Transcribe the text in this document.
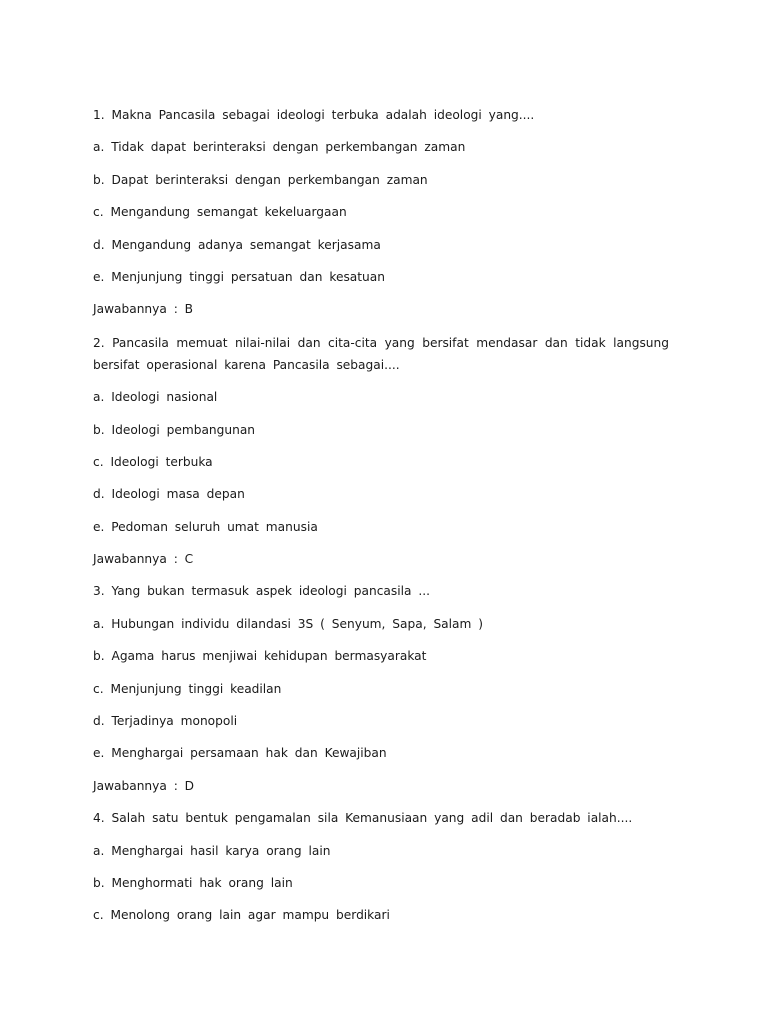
1. Makna Pancasila sebagai ideologi terbuka adalah ideologi yang....
a. Tidak dapat berinteraksi dengan perkembangan zaman
b. Dapat berinteraksi dengan perkembangan zaman
c. Mengandung semangat kekeluargaan
d. Mengandung adanya semangat kerjasama
e. Menjunjung tinggi persatuan dan kesatuan
Jawabannya : B
2. Pancasila memuat nilai-nilai dan cita-cita yang bersifat mendasar dan tidak langsung bersifat operasional karena Pancasila sebagai....
a. Ideologi nasional
b. Ideologi pembangunan
c. Ideologi terbuka
d. Ideologi masa depan
e. Pedoman seluruh umat manusia
Jawabannya : C
3. Yang bukan termasuk aspek ideologi pancasila ...
a. Hubungan individu dilandasi 3S ( Senyum, Sapa, Salam )
b. Agama harus menjiwai kehidupan bermasyarakat
c. Menjunjung tinggi keadilan
d. Terjadinya monopoli
e. Menghargai persamaan hak dan Kewajiban
Jawabannya : D
4. Salah satu bentuk pengamalan sila Kemanusiaan yang adil dan beradab ialah....
a. Menghargai hasil karya orang lain
b. Menghormati hak orang lain
c. Menolong orang lain agar mampu berdikari
